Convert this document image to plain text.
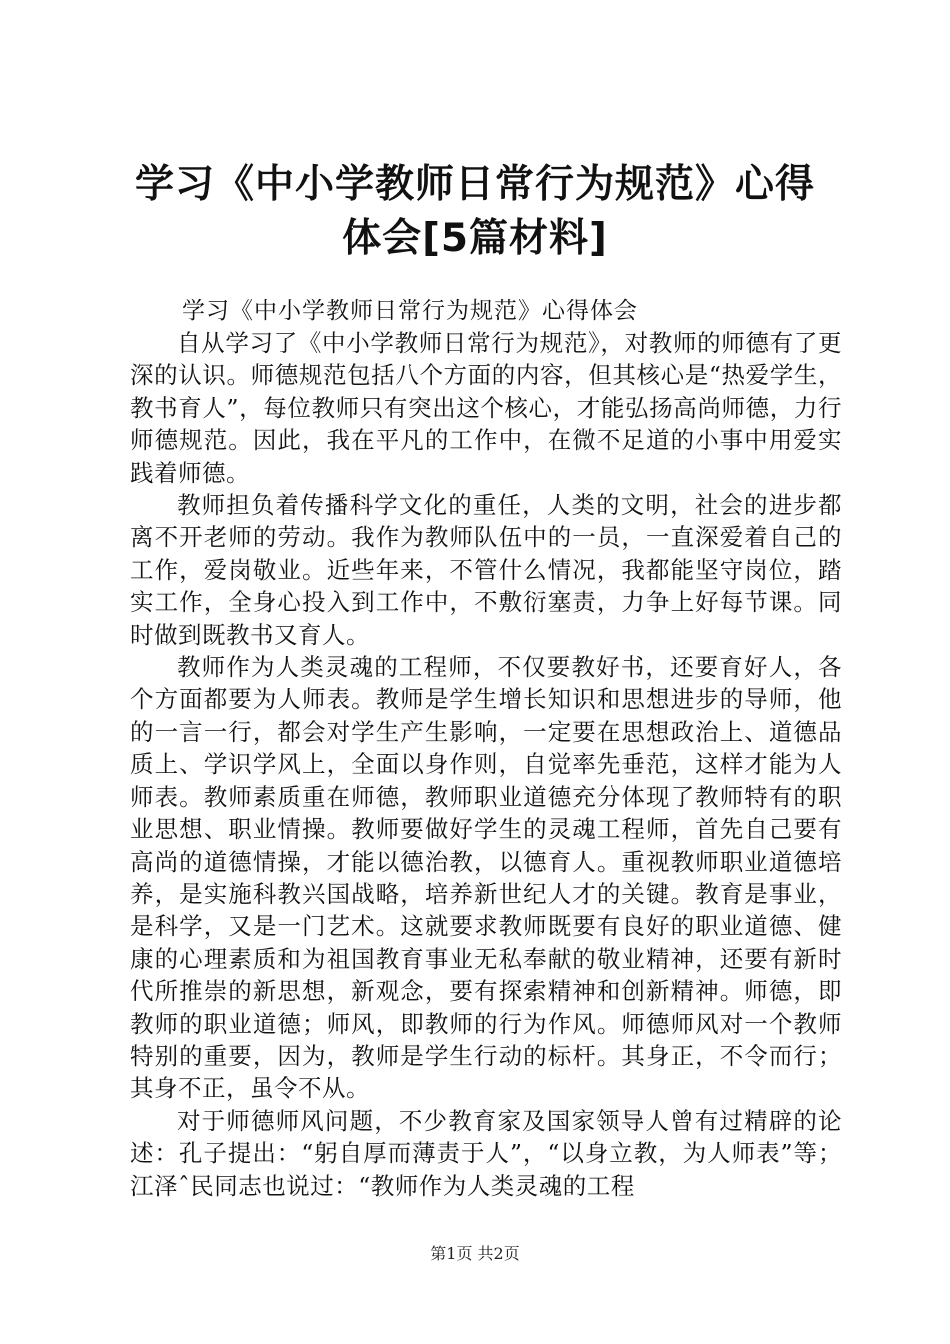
学习《中小学教师日常行为规范》心得体会[5篇材料]

学习《中小学教师日常行为规范》心得体会

自从学习了《中小学教师日常行为规范》，对教师的师德有了更深的认识。师德规范包括八个方面的内容，但其核心是“热爱学生，教书育人”，每位教师只有突出这个核心，才能弘扬高尚师德，力行师德规范。因此，我在平凡的工作中，在微不足道的小事中用爱实践着师德。

教师担负着传播科学文化的重任，人类的文明，社会的进步都离不开老师的劳动。我作为教师队伍中的一员，一直深爱着自己的工作，爱岗敬业。近些年来，不管什么情况，我都能坚守岗位，踏实工作，全身心投入到工作中，不敷衍塞责，力争上好每节课。同时做到既教书又育人。

教师作为人类灵魂的工程师，不仅要教好书，还要育好人，各个方面都要为人师表。教师是学生增长知识和思想进步的导师，他的一言一行，都会对学生产生影响，一定要在思想政治上、道德品质上、学识学风上，全面以身作则，自觉率先垂范，这样才能为人师表。教师素质重在师德，教师职业道德充分体现了教师特有的职业思想、职业情操。教师要做好学生的灵魂工程师，首先自己要有高尚的道德情操，才能以德治教，以德育人。重视教师职业道德培养，是实施科教兴国战略，培养新世纪人才的关键。教育是事业，是科学，又是一门艺术。这就要求教师既要有良好的职业道德、健康的心理素质和为祖国教育事业无私奉献的敬业精神，还要有新时代所推崇的新思想，新观念，要有探索精神和创新精神。师德，即教师的职业道德；师风，即教师的行为作风。师德师风对一个教师特别的重要，因为，教师是学生行动的标杆。其身正，不令而行；其身不正，虽令不从。

对于师德师风问题，不少教育家及国家领导人曾有过精辟的论述：孔子提出：“躬自厚而薄责于人”，“以身立教，为人师表”等；江泽ˆ民同志也说过：“教师作为人类灵魂的工程

第1页 共2页
